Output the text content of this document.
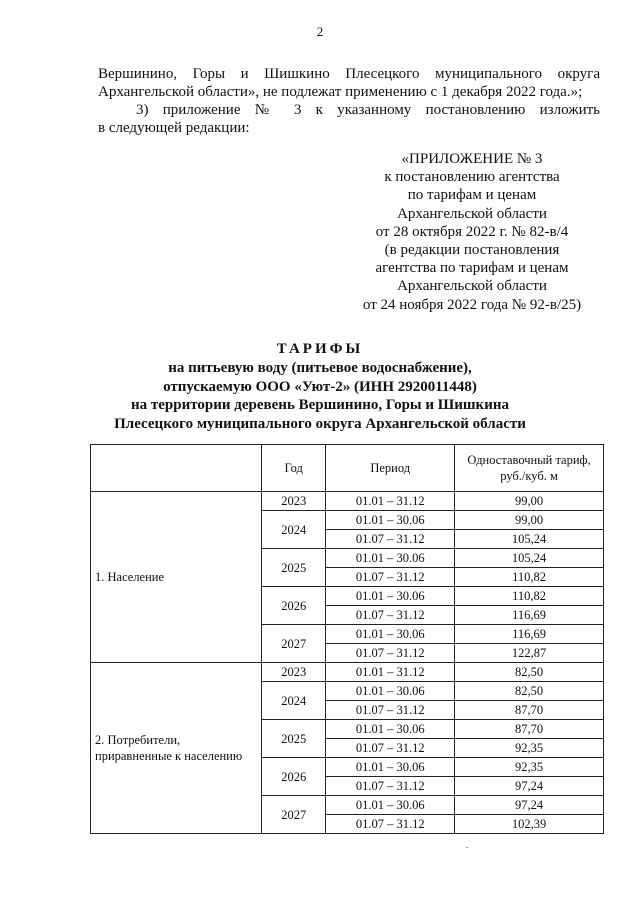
2
Вершинино, Горы и Шишкино Плесецкого муниципального округа
Архангельской области», не подлежат применению с 1 декабря 2022 года.»;
3) приложение № 3 к указанному постановлению изложить
в следующей редакции:
«ПРИЛОЖЕНИЕ № 3
к постановлению агентства
по тарифам и ценам
Архангельской области
от 28 октября 2022 г. № 82-в/4
(в редакции постановления
агентства по тарифам и ценам
Архангельской области
от 24 ноября 2022 года № 92-в/25)
ТАРИФЫ
на питьевую воду (питьевое водоснабжение),
отпускаемую ООО «Уют-2» (ИНН 2920011448)
на территории деревень Вершинино, Горы и Шишкина
Плесецкого муниципального округа Архангельской области
	Год	Период	Одноставочный тариф,
руб./куб. м

1. Население	2023	01.01 – 31.12	99,00
	2024	01.01 – 30.06	99,00
		01.07 – 31.12	105,24
	2025	01.01 – 30.06	105,24
		01.07 – 31.12	110,82
	2026	01.01 – 30.06	110,82
		01.07 – 31.12	116,69
	2027	01.01 – 30.06	116,69
		01.07 – 31.12	122,87

2. Потребители,
приравненные к населению	2023	01.01 – 31.12	82,50
	2024	01.01 – 30.06	82,50
		01.07 – 31.12	87,70
	2025	01.01 – 30.06	87,70
		01.07 – 31.12	92,35
	2026	01.01 – 30.06	92,35
		01.07 – 31.12	97,24
	2027	01.01 – 30.06	97,24
		01.07 – 31.12	102,39
